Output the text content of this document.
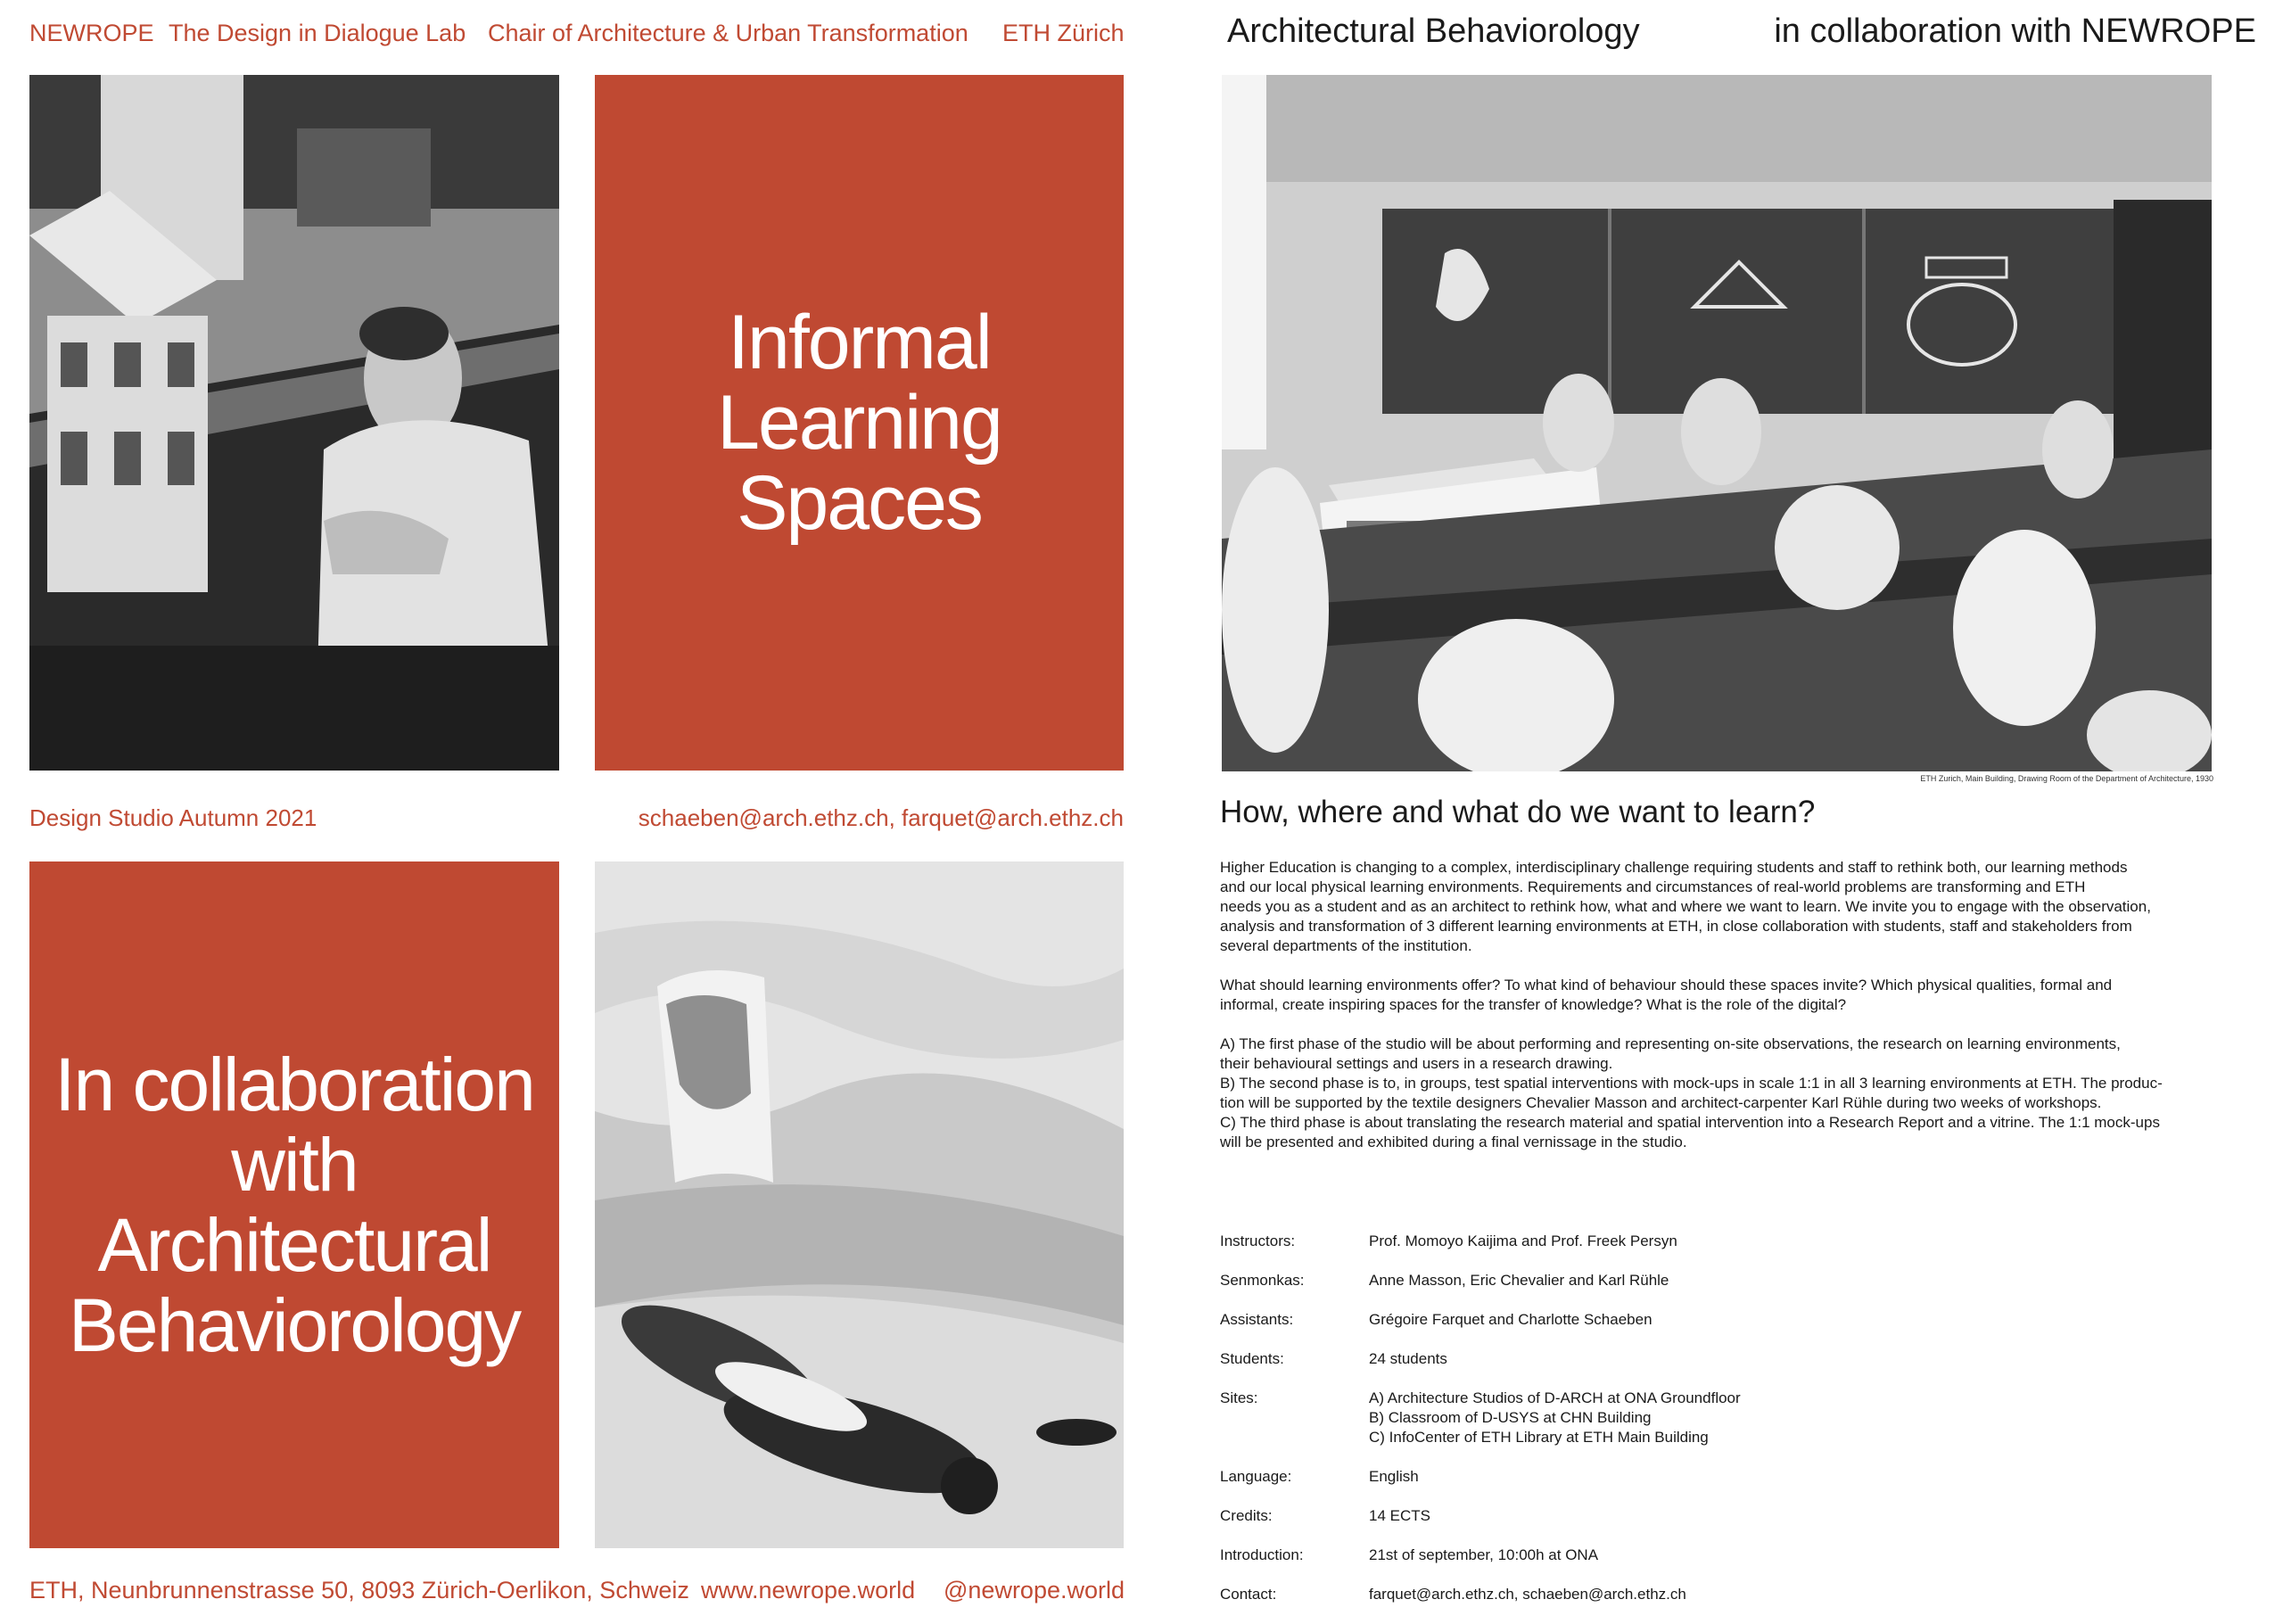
NEWROPE The Design in Dialogue Lab Chair of Architecture & Urban Transformation ETH Zürich
Informal
Learning
Spaces
Design Studio Autumn 2021	schaeben@arch.ethz.ch, farquet@arch.ethz.ch
In collaboration
with
Architectural
Behaviorology
ETH, Neunbrunnenstrasse 50, 8093 Zürich-Oerlikon, Schweiz www.newrope.world @newrope.world
Architectural Behaviorology	in collaboration with NEWROPE
ETH Zurich, Main Building, Drawing Room of the Department of Architecture, 1930
How, where and what do we want to learn?

Higher Education is changing to a complex, interdisciplinary challenge requiring students and staff to rethink both, our learning methods
and our local physical learning environments. Requirements and circumstances of real-world problems are transforming and ETH
needs you as a student and as an architect to rethink how, what and where we want to learn. We invite you to engage with the observation,
analysis and transformation of 3 different learning environments at ETH, in close collaboration with students, staff and stakeholders from
several departments of the institution.

What should learning environments offer? To what kind of behaviour should these spaces invite? Which physical qualities, formal and
informal, create inspiring spaces for the transfer of knowledge? What is the role of the digital?

A) The first phase of the studio will be about performing and representing on-site observations, the research on learning environments,
their behavioural settings and users in a research drawing.
B) The second phase is to, in groups, test spatial interventions with mock-ups in scale 1:1 in all 3 learning environments at ETH. The produc-
tion will be supported by the textile designers Chevalier Masson and architect-carpenter Karl Rühle during two weeks of workshops.
C) The third phase is about translating the research material and spatial intervention into a Research Report and a vitrine. The 1:1 mock-ups
will be presented and exhibited during a final vernissage in the studio.

Instructors:	Prof. Momoyo Kaijima and Prof. Freek Persyn
Senmonkas:	Anne Masson, Eric Chevalier and Karl Rühle
Assistants:	Grégoire Farquet and Charlotte Schaeben
Students:	24 students
Sites:	A) Architecture Studios of D-ARCH at ONA Groundfloor
B) Classroom of D-USYS at CHN Building
C) InfoCenter of ETH Library at ETH Main Building
Language:	English
Credits:	14 ECTS
Introduction:	21st of september, 10:00h at ONA
Contact:	farquet@arch.ethz.ch, schaeben@arch.ethz.ch
